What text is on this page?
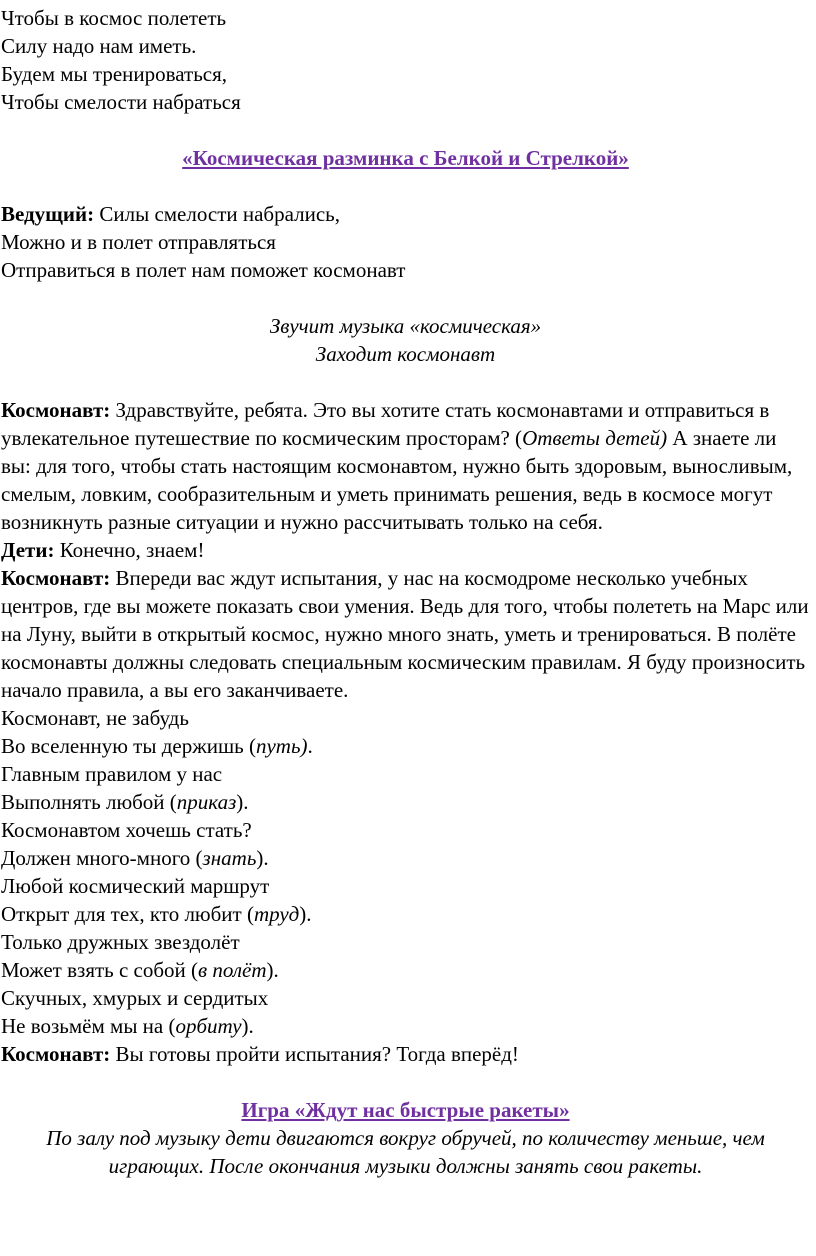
Чтобы в космос полететь
Силу надо нам иметь.
Будем мы тренироваться,
Чтобы смелости набраться
«Космическая разминка с Белкой и Стрелкой»
Ведущий: Силы смелости набрались,
Можно и в полет отправляться
Отправиться в полет нам поможет космонавт
Звучит музыка «космическая»
Заходит космонавт

Космонавт: Здравствуйте, ребята. Это вы хотите стать космонавтами и отправиться в увлекательное путешествие по космическим просторам? (Ответы детей) А знаете ли вы: для того, чтобы стать настоящим космонавтом, нужно быть здоровым, выносливым, смелым, ловким, сообразительным и уметь принимать решения, ведь в космосе могут возникнуть разные ситуации и нужно рассчитывать только на себя.

Дети: Конечно, знаем!

Космонавт: Впереди вас ждут испытания, у нас на космодроме несколько учебных центров, где вы можете показать свои умения. Ведь для того, чтобы полететь на Марс или на Луну, выйти в открытый космос, нужно много знать, уметь и тренироваться. В полёте космонавты должны следовать специальным космическим правилам. Я буду произносить начало правила, а вы его заканчиваете.

Космонавт, не забудь
Во вселенную ты держишь (путь).
Главным правилом у нас
Выполнять любой (приказ).
Космонавтом хочешь стать?
Должен много-много (знать).
Любой космический маршрут
Открыт для тех, кто любит (труд).
Только дружных звездолёт
Может взять с собой (в полёт).
Скучных, хмурых и сердитых
Не возьмём мы на (орбиту).
Космонавт: Вы готовы пройти испытания? Тогда вперёд!
Игра «Ждут нас быстрые ракеты»

По залу под музыку дети двигаются вокруг обручей, по количеству меньше, чем играющих. После окончания музыки должны занять свои ракеты.
